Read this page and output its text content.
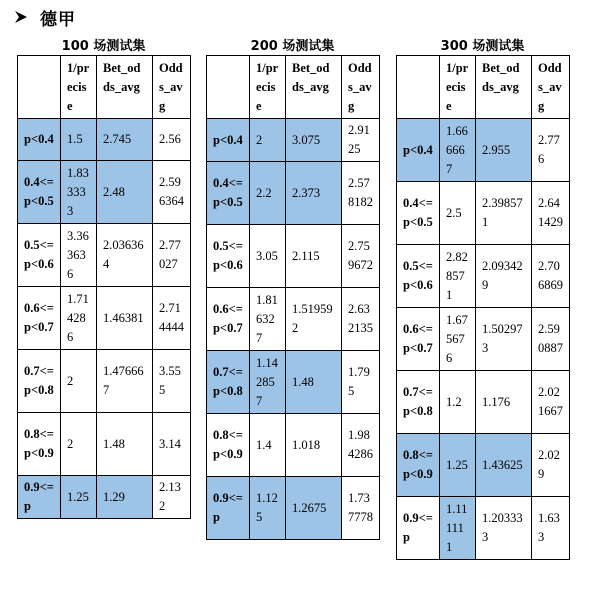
德甲
100 场测试集
	1/precise	Bet_odds_avg	Odds_avg
p<0.4	1.5	2.745	2.56
0.4<=p<0.5	1.833333	2.48	2.596364
0.5<=p<0.6	3.363636	2.036364	2.77027
0.6<=p<0.7	1.714286	1.46381	2.714444
0.7<=p<0.8	2	1.476667	3.555
0.8<=p<0.9	2	1.48	3.14
0.9<=p	1.25	1.29	2.132
200 场测试集
	1/precise	Bet_odds_avg	Odds_avg
p<0.4	2	3.075	2.9125
0.4<=p<0.5	2.2	2.373	2.578182
0.5<=p<0.6	3.05	2.115	2.759672
0.6<=p<0.7	1.816327	1.519592	2.632135
0.7<=p<0.8	1.142857	1.48	1.795
0.8<=p<0.9	1.4	1.018	1.984286
0.9<=p	1.125	1.2675	1.737778
300 场测试集
	1/precise	Bet_odds_avg	Odds_avg
p<0.4	1.666667	2.955	2.776
0.4<=p<0.5	2.5	2.398571	2.641429
0.5<=p<0.6	2.828571	2.093429	2.706869
0.6<=p<0.7	1.675676	1.502973	2.590887
0.7<=p<0.8	1.2	1.176	2.021667
0.8<=p<0.9	1.25	1.43625	2.029
0.9<=p	1.111111	1.203333	1.633
